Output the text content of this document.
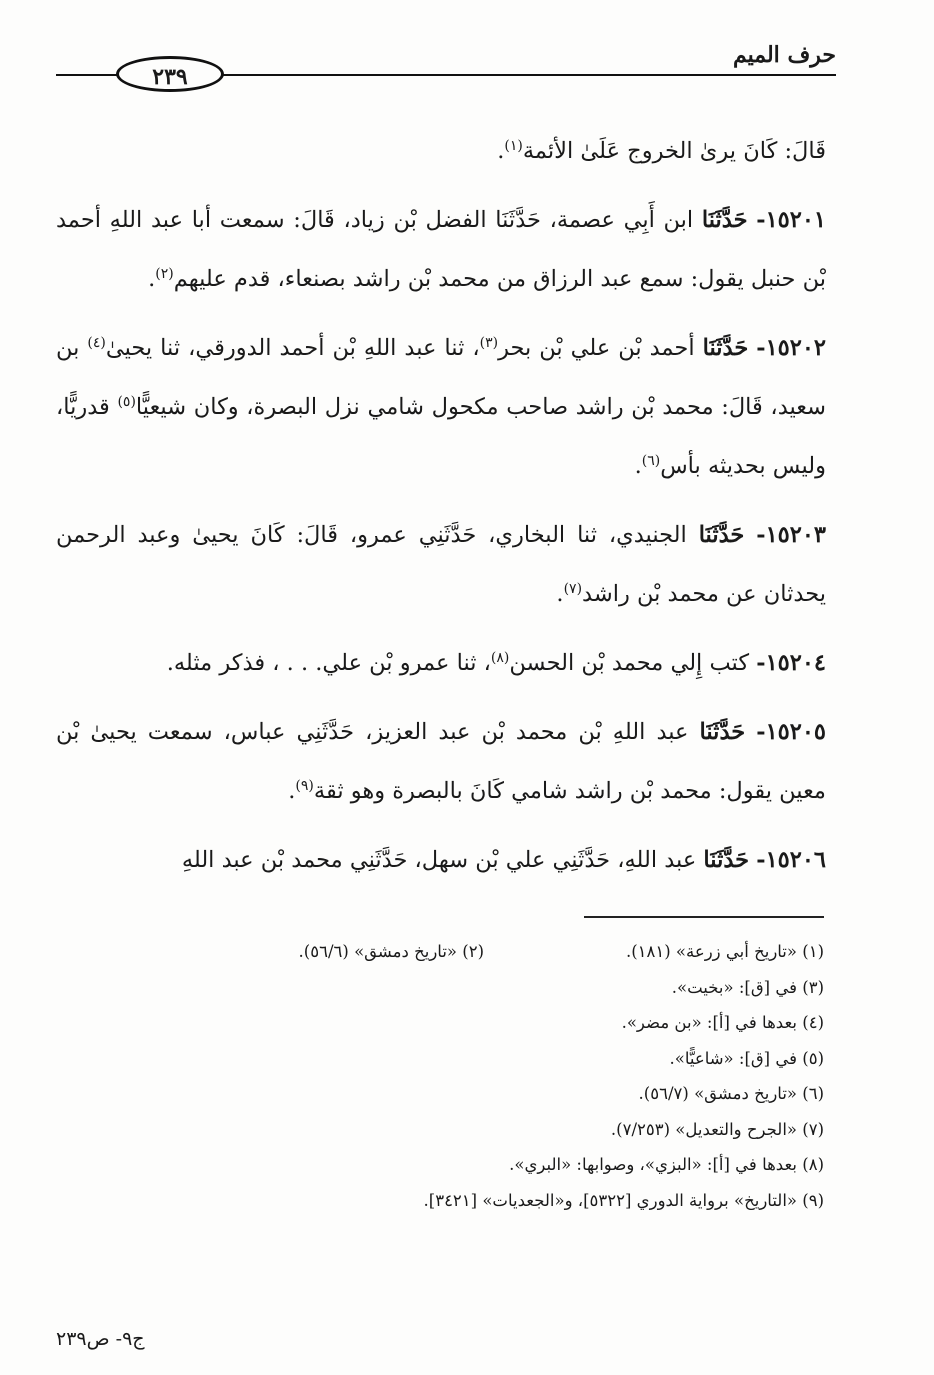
حرف الميم
٢٣٩

قَالَ: كَانَ يرىٰ الخروج عَلَىٰ الأئمة$^{(١)}$.

١٥٢٠١- حَدَّثَنَا ابن أَبِي عصمة، حَدَّثَنَا الفضل بْن زياد، قَالَ: سمعت أبا عبد اللهِ أحمد بْن حنبل يقول: سمع عبد الرزاق من محمد بْن راشد بصنعاء، قدم عليهم$^{(٢)}$.

١٥٢٠٢- حَدَّثَنَا أحمد بْن علي بْن بحر$^{(٣)}$، ثنا عبد اللهِ بْن أحمد الدورقي، ثنا يحيىٰ$^{(٤)}$ بن سعيد، قَالَ: محمد بْن راشد صاحب مكحول شامي نزل البصرة، وكان شيعيًّا$^{(٥)}$ قدريًّا، وليس بحديثه بأس$^{(٦)}$.

١٥٢٠٣- حَدَّثَنَا الجنيدي، ثنا البخاري، حَدَّثَنِي عمرو، قَالَ: كَانَ يحيىٰ وعبد الرحمن يحدثان عن محمد بْن راشد$^{(٧)}$.

١٥٢٠٤- كتب إِلي محمد بْن الحسن$^{(٨)}$، ثنا عمرو بْن علي. . . ، فذكر مثله.

١٥٢٠٥- حَدَّثَنَا عبد اللهِ بْن محمد بْن عبد العزيز، حَدَّثَنِي عباس، سمعت يحيىٰ بْن معين يقول: محمد بْن راشد شامي كَانَ بالبصرة وهو ثقة$^{(٩)}$.

١٥٢٠٦- حَدَّثَنَا عبد اللهِ، حَدَّثَنِي علي بْن سهل، حَدَّثَنِي محمد بْن عبد اللهِ

(١) «تاريخ أبي زرعة» (١٨١).
(٢) «تاريخ دمشق» (٥٦/٦).
(٣) في [ق]: «بخيت».
(٤) بعدها في [أ]: «بن مضر».
(٥) في [ق]: «شاعيًّا».
(٦) «تاريخ دمشق» (٥٦/٧).
(٧) «الجرح والتعديل» (٧/٢٥٣).
(٨) بعدها في [أ]: «البزي»، وصوابها: «البري».
(٩) «التاريخ» برواية الدوري [٥٣٢٢]، و«الجعديات» [٣٤٢١].
ج٩- ص٢٣٩
